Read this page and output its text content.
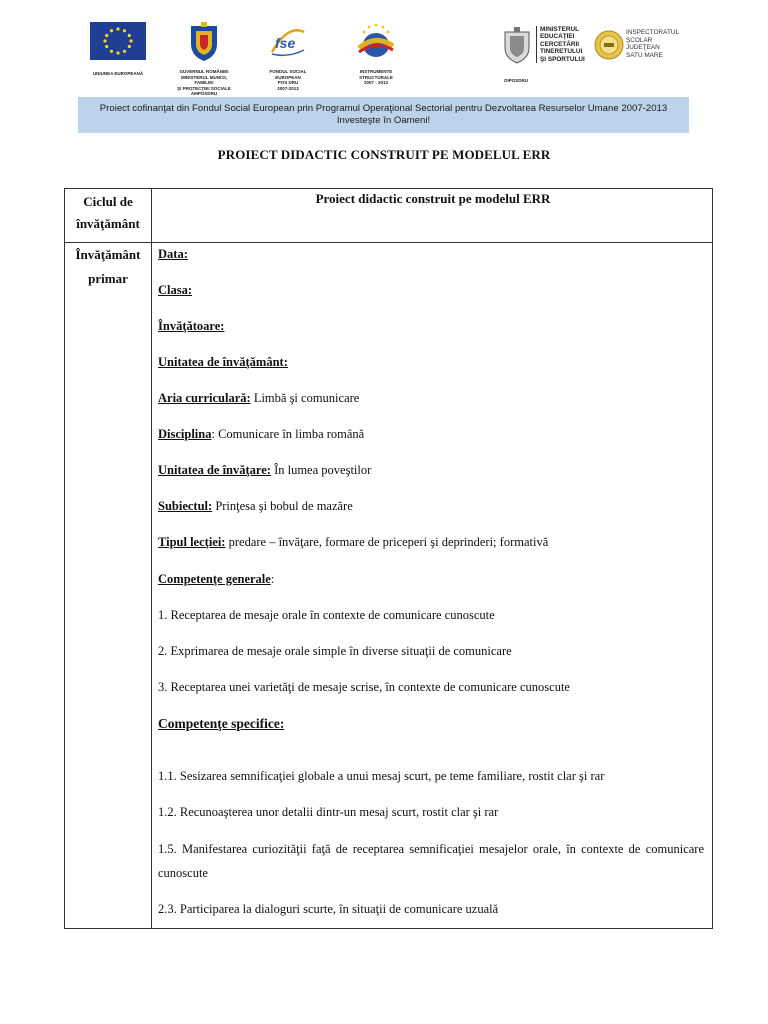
UNIUNEA EUROPEANĂ	GUVERNUL ROMÂNIEI
MINISTERUL MUNCII, FAMILIEI
ŞI PROTECŢIEI SOCIALE
AMPOSDRU
fse
FONDUL SOCIAL EUROPEAN
POS DRU
2007-2013
INSTRUMENTE STRUCTURALE
2007 - 2013
MINISTERUL
EDUCAŢIEI
CERCETĂRII
TINERETULUI
ŞI SPORTULUI
OIPOSDRU
INSPECTORATUL
ŞCOLAR
JUDEŢEAN
SATU MARE
Proiect cofinanţat din Fondul Social European prin Programul Operaţional Sectorial pentru Dezvoltarea Resurselor Umane 2007-2013
Investeşte în Oameni!
PROIECT DIDACTIC CONSTRUIT PE MODELUL ERR
Ciclul de învăţământ
Proiect didactic construit pe modelul ERR
Învăţământ primar
Data:
Clasa:
Învăţătoare:
Unitatea de învăţământ:
Aria curriculară: Limbă şi comunicare
Disciplina: Comunicare în limba română
Unitatea de învăţare: În lumea poveştilor
Subiectul: Prinţesa şi bobul de mazăre
Tipul lecţiei: predare – învăţare, formare de priceperi şi deprinderi; formativă
Competenţe generale:
1. Receptarea de mesaje orale în contexte de comunicare cunoscute
2. Exprimarea de mesaje orale simple în diverse situaţii de comunicare
3. Receptarea unei varietăţi de mesaje scrise, în contexte de comunicare cunoscute
Competenţe specifice:
1.1. Sesizarea semnificaţiei globale a unui mesaj scurt, pe teme familiare, rostit clar şi rar
1.2. Recunoaşterea unor detalii dintr-un mesaj scurt, rostit clar şi rar
1.5. Manifestarea curiozităţii faţă de receptarea semnificaţiei mesajelor orale, în contexte de comunicare cunoscute
2.3. Participarea la dialoguri scurte, în situaţii de comunicare uzuală
